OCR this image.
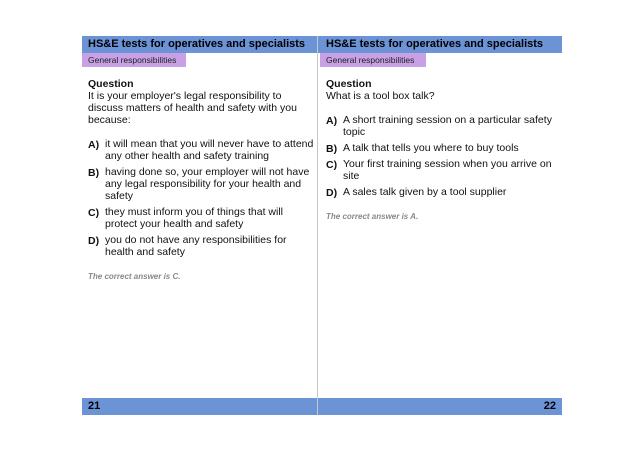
HS&E tests for operatives and specialists
General responsibilities

Question

It is your employer's legal responsibility to discuss matters of health and safety with you because:

A) it will mean that you will never have to attend any other health and safety training
B) having done so, your employer will not have any legal responsibility for your health and safety
C) they must inform you of things that will protect your health and safety
D) you do not have any responsibilities for health and safety
The correct answer is C.
21
HS&E tests for operatives and specialists
General responsibilities

Question

What is a tool box talk?

A) A short training session on a particular safety topic
B) A talk that tells you where to buy tools
C) Your first training session when you arrive on site
D) A sales talk given by a tool supplier
The correct answer is A.
22
